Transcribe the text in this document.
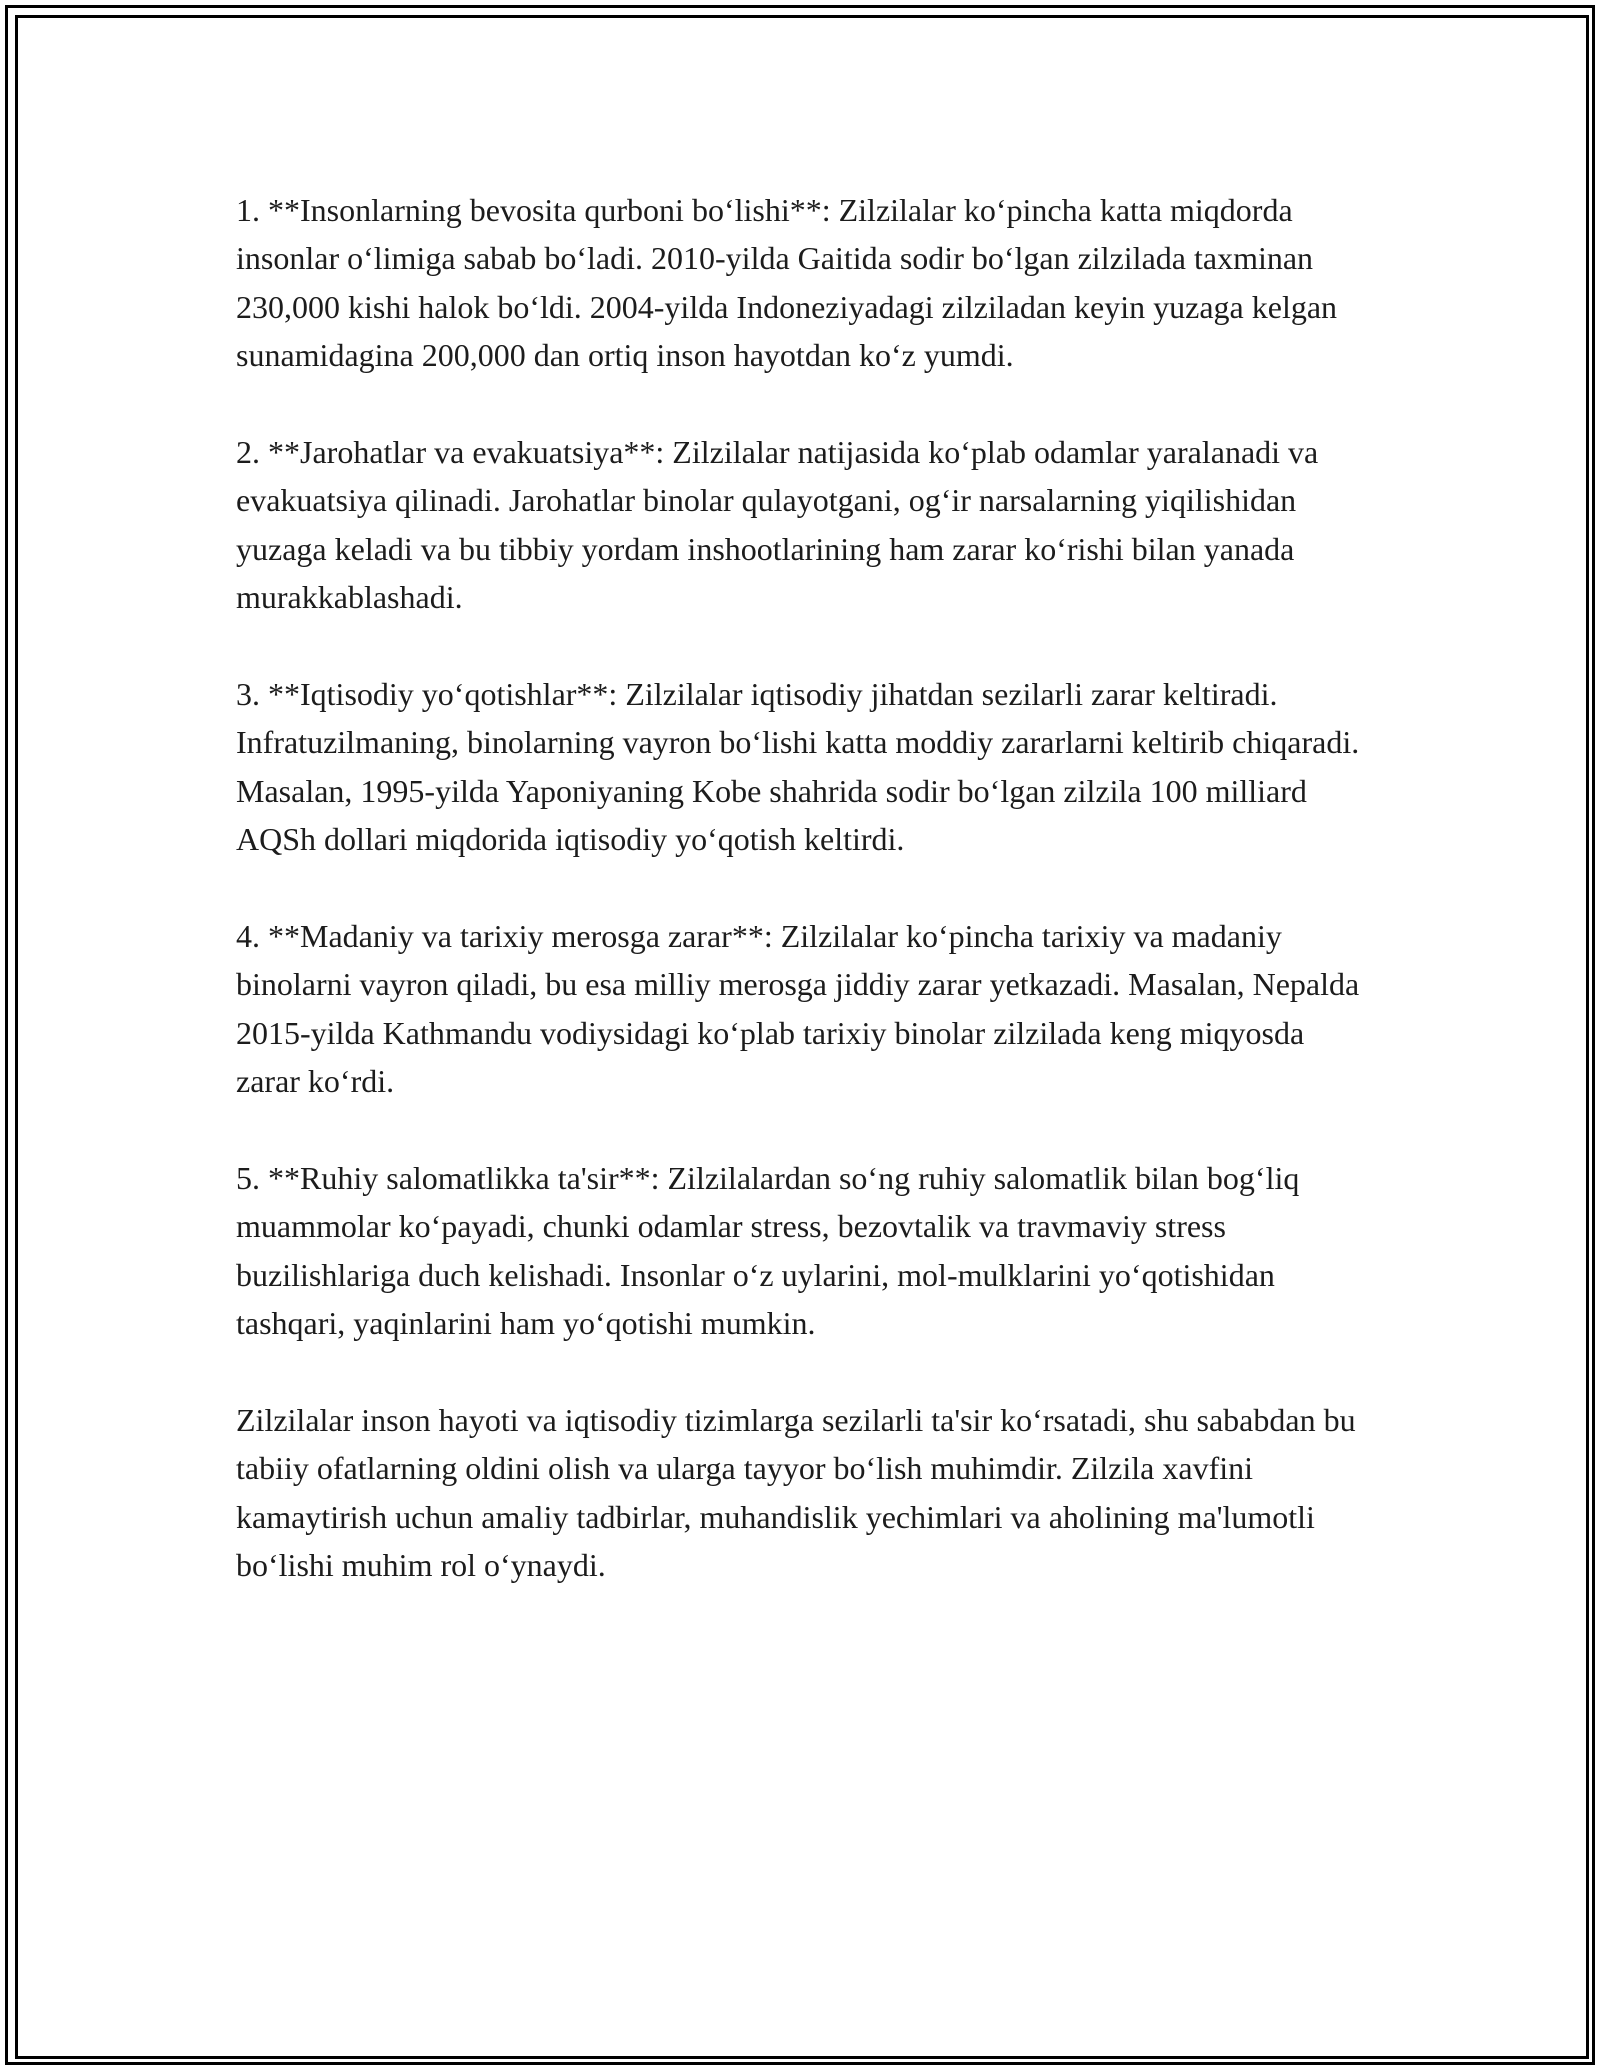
1. **Insonlarning bevosita qurboni bo‘lishi**: Zilzilalar ko‘pincha katta miqdorda insonlar o‘limiga sabab bo‘ladi. 2010-yilda Gaitida sodir bo‘lgan zilzilada taxminan 230,000 kishi halok bo‘ldi. 2004-yilda Indoneziyadagi zilziladan keyin yuzaga kelgan sunamidagina 200,000 dan ortiq inson hayotdan ko‘z yumdi.

2. **Jarohatlar va evakuatsiya**: Zilzilalar natijasida ko‘plab odamlar yaralanadi va evakuatsiya qilinadi. Jarohatlar binolar qulayotgani, og‘ir narsalarning yiqilishidan yuzaga keladi va bu tibbiy yordam inshootlarining ham zarar ko‘rishi bilan yanada murakkablashadi.

3. **Iqtisodiy yo‘qotishlar**: Zilzilalar iqtisodiy jihatdan sezilarli zarar keltiradi. Infratuzilmaning, binolarning vayron bo‘lishi katta moddiy zararlarni keltirib chiqaradi. Masalan, 1995-yilda Yaponiyaning Kobe shahrida sodir bo‘lgan zilzila 100 milliard AQSh dollari miqdorida iqtisodiy yo‘qotish keltirdi.

4. **Madaniy va tarixiy merosga zarar**: Zilzilalar ko‘pincha tarixiy va madaniy binolarni vayron qiladi, bu esa milliy merosga jiddiy zarar yetkazadi. Masalan, Nepalda 2015-yilda Kathmandu vodiysidagi ko‘plab tarixiy binolar zilzilada keng miqyosda zarar ko‘rdi.

5. **Ruhiy salomatlikka ta'sir**: Zilzilalardan so‘ng ruhiy salomatlik bilan bog‘liq muammolar ko‘payadi, chunki odamlar stress, bezovtalik va travmaviy stress buzilishlariga duch kelishadi. Insonlar o‘z uylarini, mol-mulklarini yo‘qotishidan tashqari, yaqinlarini ham yo‘qotishi mumkin.

Zilzilalar inson hayoti va iqtisodiy tizimlarga sezilarli ta'sir ko‘rsatadi, shu sababdan bu tabiiy ofatlarning oldini olish va ularga tayyor bo‘lish muhimdir. Zilzila xavfini kamaytirish uchun amaliy tadbirlar, muhandislik yechimlari va aholining ma'lumotli bo‘lishi muhim rol o‘ynaydi.
